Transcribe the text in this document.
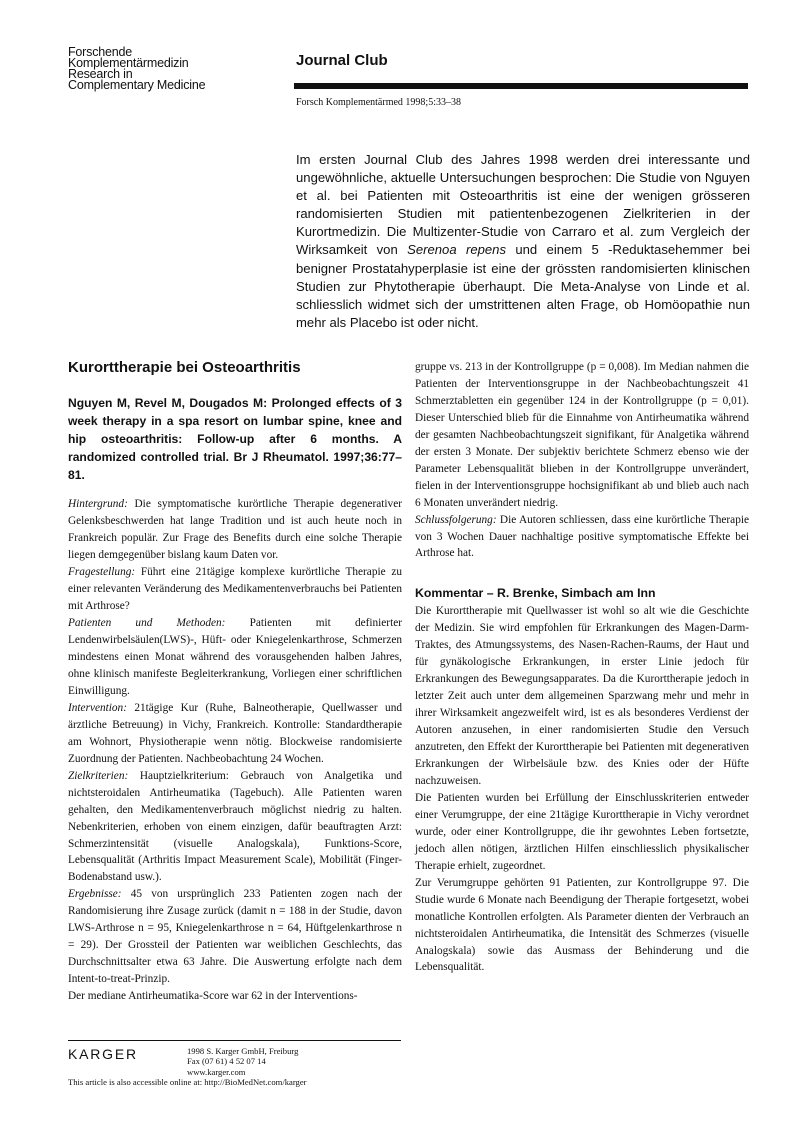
Forschende
Komplementärmedizin
Research in
Complementary Medicine
Journal Club
Forsch Komplementärmed 1998;5:33–38

Im ersten Journal Club des Jahres 1998 werden drei interessante und ungewöhnliche, aktuelle Untersuchungen besprochen: Die Studie von Nguyen et al. bei Patienten mit Osteoarthritis ist eine der wenigen grösseren randomisierten Studien mit patientenbezogenen Zielkriterien in der Kurortmedizin. Die Multizenter-Studie von Carraro et al. zum Vergleich der Wirksamkeit von Serenoa repens und einem 5 -Reduktasehemmer bei benigner Prostatahyperplasie ist eine der grössten randomisierten klinischen Studien zur Phytotherapie überhaupt. Die Meta-Analyse von Linde et al. schliesslich widmet sich der umstrittenen alten Frage, ob Homöopathie nun mehr als Placebo ist oder nicht.

Kurorttherapie bei Osteoarthritis
Nguyen M, Revel M, Dougados M: Prolonged effects of 3 week therapy in a spa resort on lumbar spine, knee and hip osteoarthritis: Follow-up after 6 months. A randomized controlled trial. Br J Rheumatol. 1997;36:77–81.

Hintergrund: Die symptomatische kurörtliche Therapie degenerativer Gelenksbeschwerden hat lange Tradition und ist auch heute noch in Frankreich populär. Zur Frage des Benefits durch eine solche Therapie liegen demgegenüber bislang kaum Daten vor.

Fragestellung: Führt eine 21tägige komplexe kurörtliche Therapie zu einer relevanten Veränderung des Medikamentenverbrauchs bei Patienten mit Arthrose?

Patienten und Methoden: Patienten mit definierter Lendenwirbelsäulen(LWS)-, Hüft- oder Kniegelenkarthrose, Schmerzen mindestens einen Monat während des vorausgehenden halben Jahres, ohne klinisch manifeste Begleiterkrankung, Vorliegen einer schriftlichen Einwilligung.

Intervention: 21tägige Kur (Ruhe, Balneotherapie, Quellwasser und ärztliche Betreuung) in Vichy, Frankreich. Kontrolle: Standardtherapie am Wohnort, Physiotherapie wenn nötig. Blockweise randomisierte Zuordnung der Patienten. Nachbeobachtung 24 Wochen.

Zielkriterien: Hauptzielkriterium: Gebrauch von Analgetika und nichtsteroidalen Antirheumatika (Tagebuch). Alle Patienten waren gehalten, den Medikamentenverbrauch möglichst niedrig zu halten. Nebenkriterien, erhoben von einem einzigen, dafür beauftragten Arzt: Schmerzintensität (visuelle Analogskala), Funktions-Score, Lebensqualität (Arthritis Impact Measurement Scale), Mobilität (Finger-Bodenabstand usw.).

Ergebnisse: 45 von ursprünglich 233 Patienten zogen nach der Randomisierung ihre Zusage zurück (damit n = 188 in der Studie, davon LWS-Arthrose n = 95, Kniegelenkarthrose n = 64, Hüftgelenkarthrose n = 29). Der Grossteil der Patienten war weiblichen Geschlechts, das Durchschnittsalter etwa 63 Jahre. Die Auswertung erfolgte nach dem Intent-to-treat-Prinzip.

Der mediane Antirheumatika-Score war 62 in der Interventions-

gruppe vs. 213 in der Kontrollgruppe (p = 0,008). Im Median nahmen die Patienten der Interventionsgruppe in der Nachbeobachtungszeit 41 Schmerztabletten ein gegenüber 124 in der Kontrollgruppe (p = 0,01). Dieser Unterschied blieb für die Einnahme von Antirheumatika während der gesamten Nachbeobachtungszeit signifikant, für Analgetika während der ersten 3 Monate. Der subjektiv berichtete Schmerz ebenso wie der Parameter Lebensqualität blieben in der Kontrollgruppe unverändert, fielen in der Interventionsgruppe hochsignifikant ab und blieb auch nach 6 Monaten unverändert niedrig.

Schlussfolgerung: Die Autoren schliessen, dass eine kurörtliche Therapie von 3 Wochen Dauer nachhaltige positive symptomatische Effekte bei Arthrose hat.

Kommentar – R. Brenke, Simbach am Inn

Die Kurorttherapie mit Quellwasser ist wohl so alt wie die Geschichte der Medizin. Sie wird empfohlen für Erkrankungen des Magen-Darm-Traktes, des Atmungssystems, des Nasen-Rachen-Raums, der Haut und für gynäkologische Erkrankungen, in erster Linie jedoch für Erkrankungen des Bewegungsapparates. Da die Kurorttherapie jedoch in letzter Zeit auch unter dem allgemeinen Sparzwang mehr und mehr in ihrer Wirksamkeit angezweifelt wird, ist es als besonderes Verdienst der Autoren anzusehen, in einer randomisierten Studie den Versuch anzutreten, den Effekt der Kurorttherapie bei Patienten mit degenerativen Erkrankungen der Wirbelsäule bzw. des Knies oder der Hüfte nachzuweisen.

Die Patienten wurden bei Erfüllung der Einschlusskriterien entweder einer Verumgruppe, der eine 21tägige Kurorttherapie in Vichy verordnet wurde, oder einer Kontrollgruppe, die ihr gewohntes Leben fortsetzte, jedoch allen nötigen, ärztlichen Hilfen einschliesslich physikalischer Therapie erhielt, zugeordnet.

Zur Verumgruppe gehörten 91 Patienten, zur Kontrollgruppe 97. Die Studie wurde 6 Monate nach Beendigung der Therapie fortgesetzt, wobei monatliche Kontrollen erfolgten. Als Parameter dienten der Verbrauch an nichtsteroidalen Antirheumatika, die Intensität des Schmerzes (visuelle Analogskala) sowie das Ausmass der Behinderung und die Lebensqualität.

KARGER	1998 S. Karger GmbH, Freiburg
Fax (07 61) 4 52 07 14
www.karger.com
This article is also accessible online at: http://BioMedNet.com/karger
